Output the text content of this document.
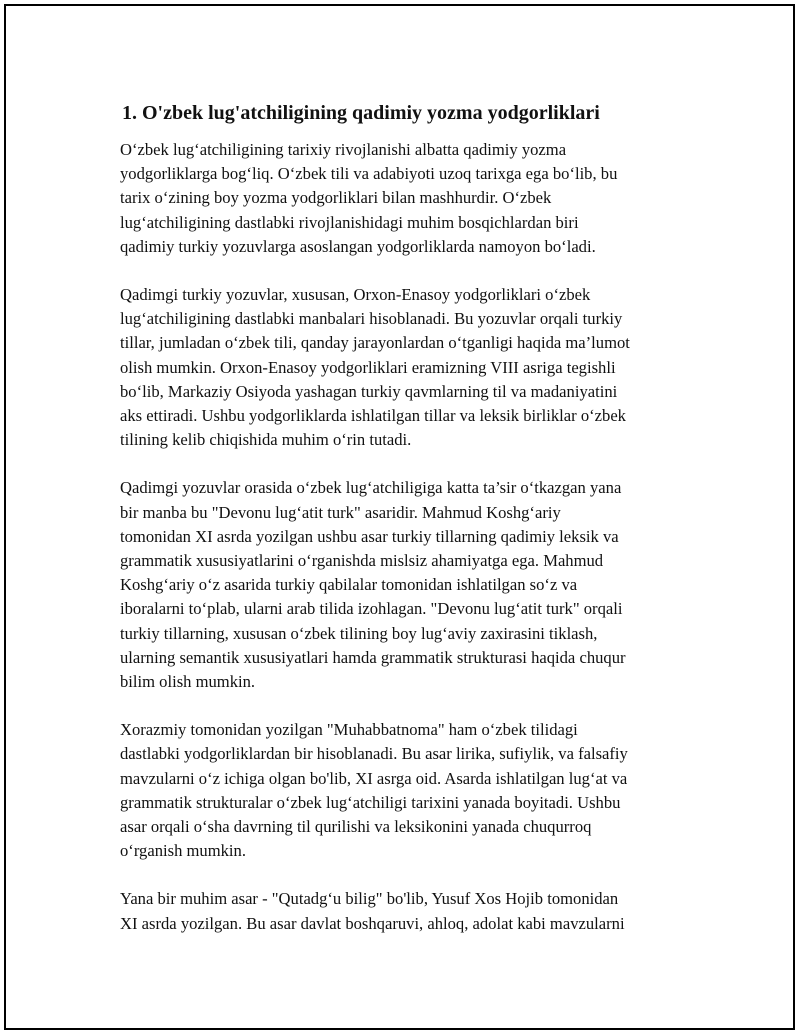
1. O'zbek lug'atchiligining qadimiy yozma yodgorliklari
O‘zbek lug‘atchiligining tarixiy rivojlanishi albatta qadimiy yozma
yodgorliklarga bog‘liq. O‘zbek tili va adabiyoti uzoq tarixga ega bo‘lib, bu
tarix o‘zining boy yozma yodgorliklari bilan mashhurdir. O‘zbek
lug‘atchiligining dastlabki rivojlanishidagi muhim bosqichlardan biri
qadimiy turkiy yozuvlarga asoslangan yodgorliklarda namoyon bo‘ladi.
Qadimgi turkiy yozuvlar, xususan, Orxon-Enasoy yodgorliklari o‘zbek
lug‘atchiligining dastlabki manbalari hisoblanadi. Bu yozuvlar orqali turkiy
tillar, jumladan o‘zbek tili, qanday jarayonlardan o‘tganligi haqida ma’lumot
olish mumkin. Orxon-Enasoy yodgorliklari eramizning VIII asriga tegishli
bo‘lib, Markaziy Osiyoda yashagan turkiy qavmlarning til va madaniyatini
aks ettiradi. Ushbu yodgorliklarda ishlatilgan tillar va leksik birliklar o‘zbek
tilining kelib chiqishida muhim o‘rin tutadi.
Qadimgi yozuvlar orasida o‘zbek lug‘atchiligiga katta ta’sir o‘tkazgan yana
bir manba bu "Devonu lug‘atit turk" asaridir. Mahmud Koshg‘ariy
tomonidan XI asrda yozilgan ushbu asar turkiy tillarning qadimiy leksik va
grammatik xususiyatlarini o‘rganishda mislsiz ahamiyatga ega. Mahmud
Koshg‘ariy o‘z asarida turkiy qabilalar tomonidan ishlatilgan so‘z va
iboralarni to‘plab, ularni arab tilida izohlagan. "Devonu lug‘atit turk" orqali
turkiy tillarning, xususan o‘zbek tilining boy lug‘aviy zaxirasini tiklash,
ularning semantik xususiyatlari hamda grammatik strukturasi haqida chuqur
bilim olish mumkin.
Xorazmiy tomonidan yozilgan "Muhabbatnoma" ham o‘zbek tilidagi
dastlabki yodgorliklardan bir hisoblanadi. Bu asar lirika, sufiylik, va falsafiy
mavzularni o‘z ichiga olgan bo'lib, XI asrga oid. Asarda ishlatilgan lug‘at va
grammatik strukturalar o‘zbek lug‘atchiligi tarixini yanada boyitadi. Ushbu
asar orqali o‘sha davrning til qurilishi va leksikonini yanada chuqurroq
o‘rganish mumkin.
Yana bir muhim asar - "Qutadg‘u bilig" bo'lib, Yusuf Xos Hojib tomonidan
XI asrda yozilgan. Bu asar davlat boshqaruvi, ahloq, adolat kabi mavzularni
